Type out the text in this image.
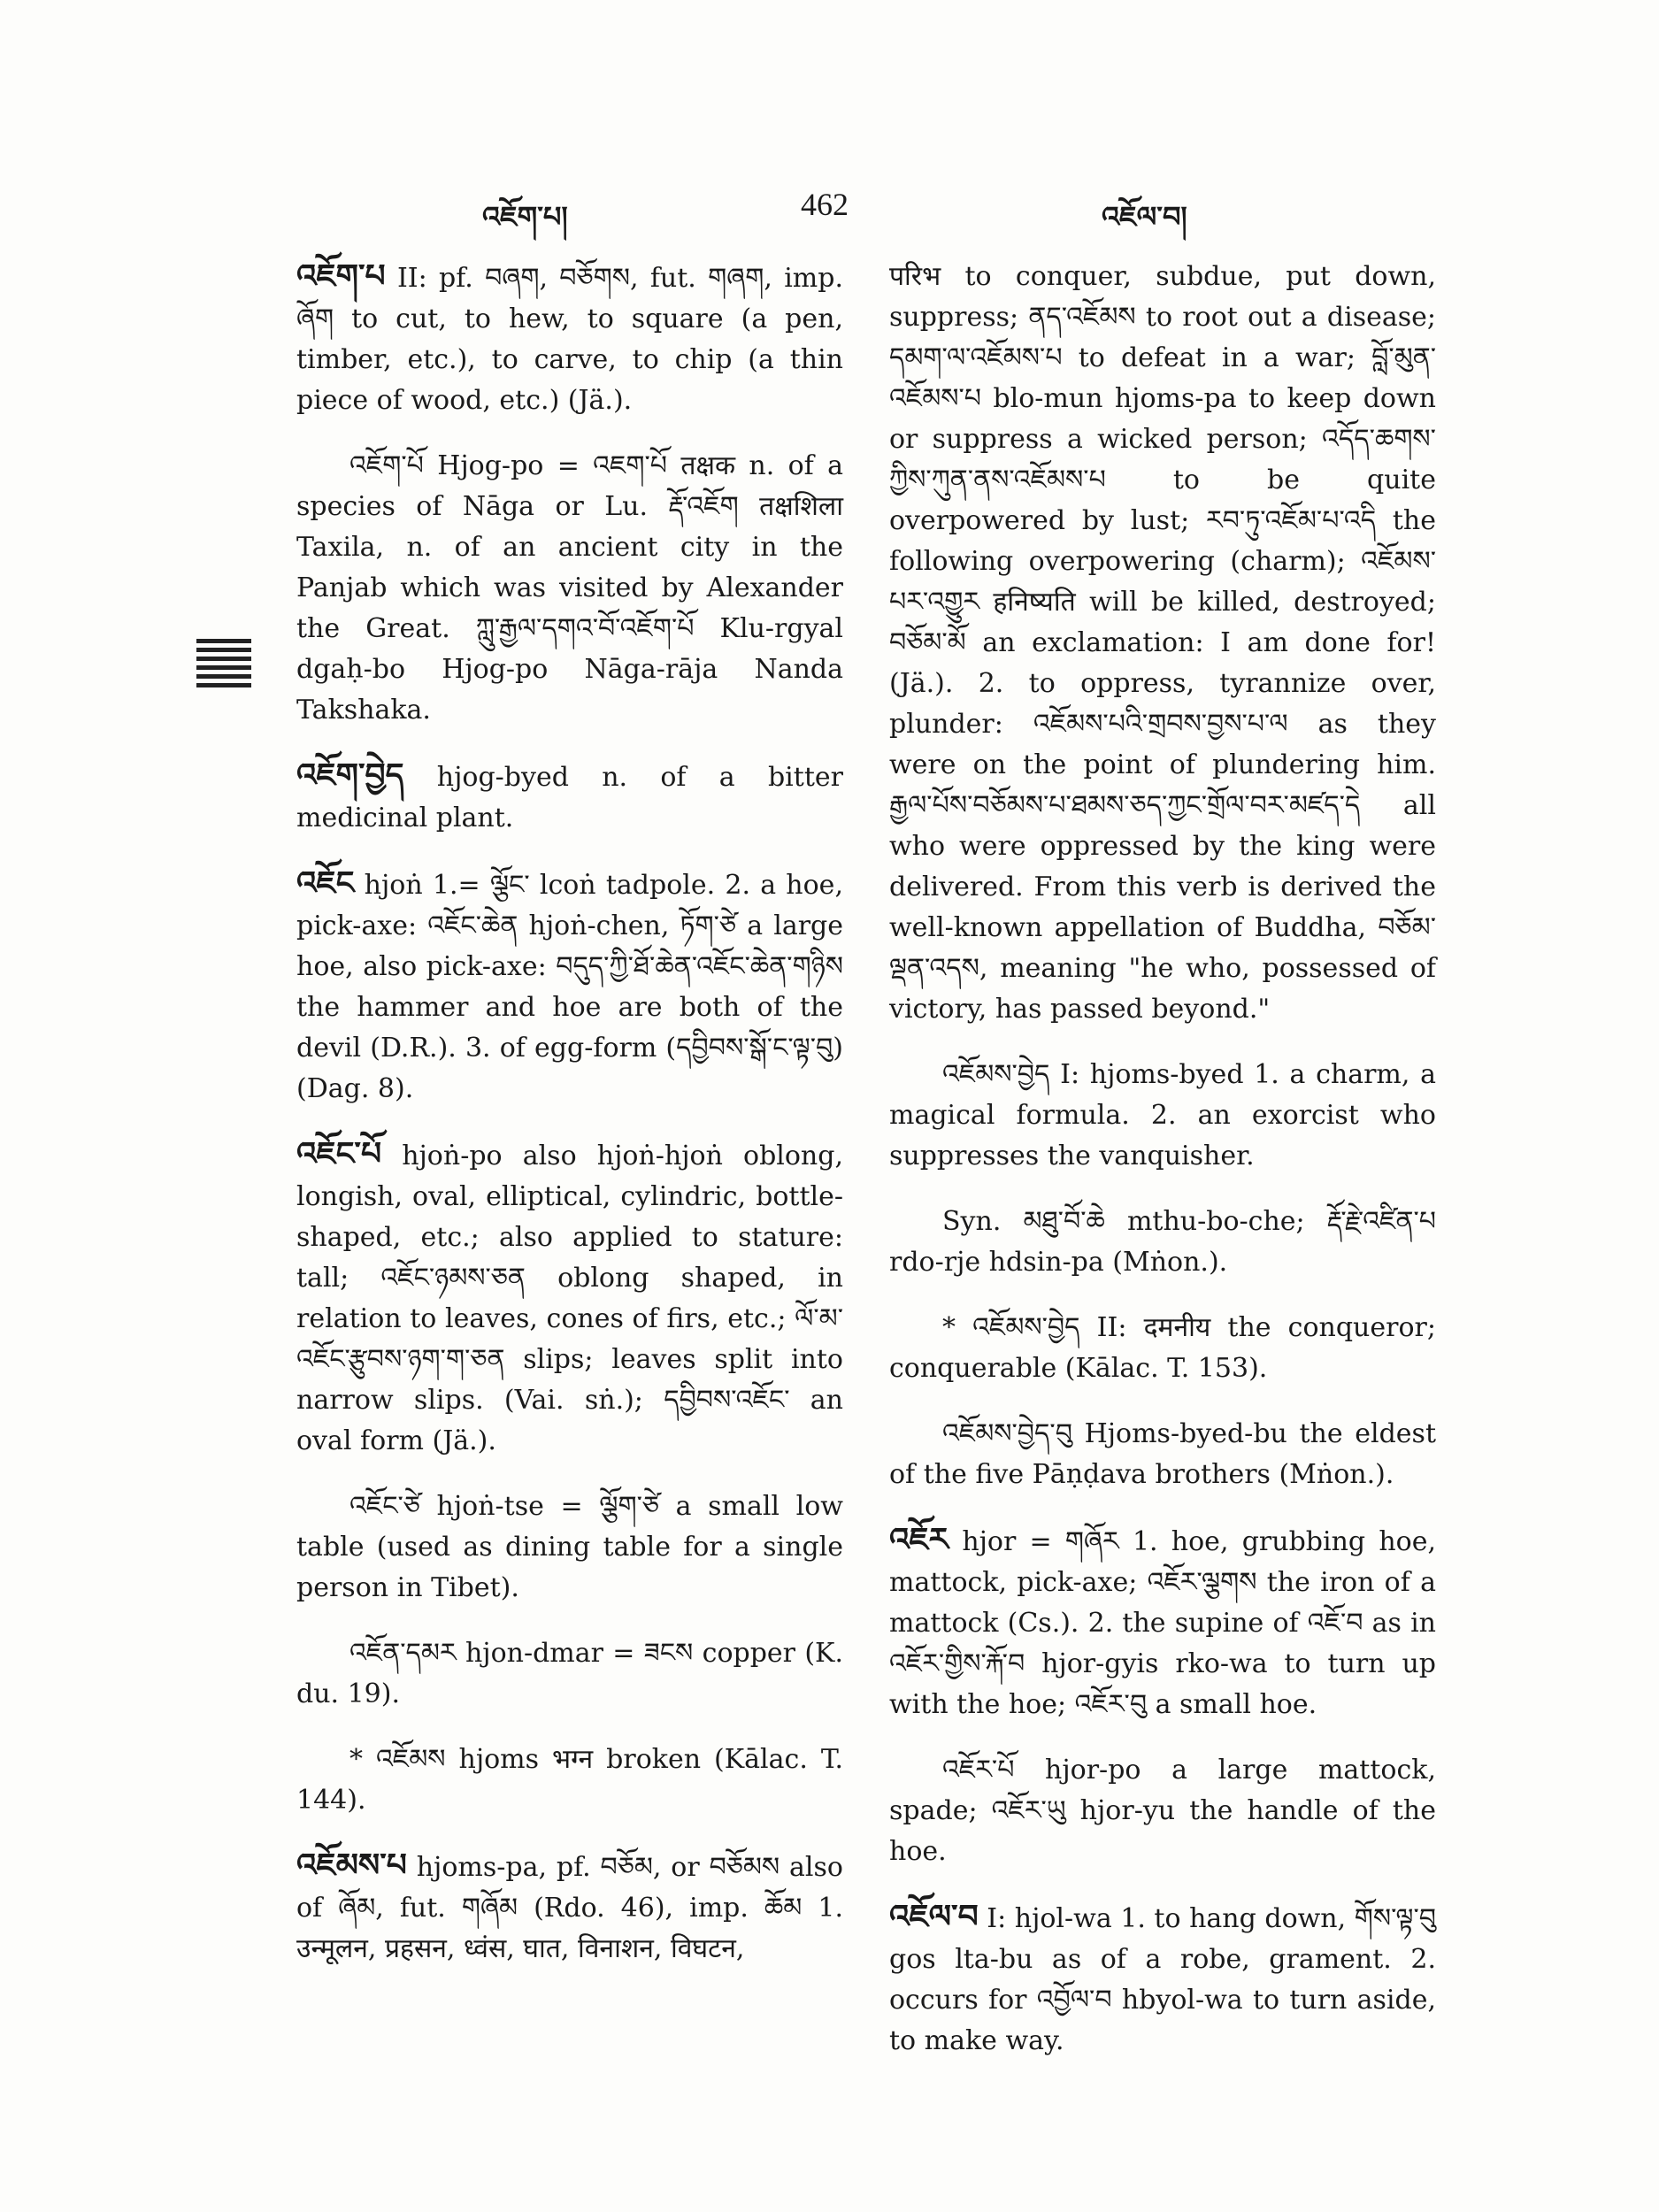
འཇོག་པ།	462	འཇོལ་བ།

འཇོག་པ II: pf. བཞག, བཅོགས, fut. གཞག, imp. ཞོག to cut, to hew, to square (a pen, timber, etc.), to carve, to chip (a thin piece of wood, etc.) (Jä.).

འཇོག་པོ Hjog-po = འཇག་པོ तक्षक n. of a species of Nāga or Lu. རྡོ་འཇོག तक्षशिला Taxila, n. of an ancient city in the Panjab which was visited by Alexander the Great. ཀླུ་རྒྱལ་དགའ་བོ་འཇོག་པོ Klu-rgyal dgaḥ-bo Hjog-po Nāga-rāja Nanda Takshaka.

འཇོག་བྱེད hjog-byed n. of a bitter medicinal plant.

འཇོང hjoṅ 1.= ལྕོང་ lcoṅ tadpole. 2. a hoe, pick-axe: འཇོང་ཆེན hjoṅ-chen, ཏོག་ཙེ a large hoe, also pick-axe: བདུད་ཀྱི་ཐོ་ཆེན་འཇོང་ཆེན་གཉིས the hammer and hoe are both of the devil (D.R.). 3. of egg-form (དབྱིབས་སྒོ་ང་ལྟ་བུ) (Dag. 8).

འཇོང་པོ hjoṅ-po also hjoṅ-hjoṅ oblong, longish, oval, elliptical, cylindric, bottle-shaped, etc.; also applied to stature: tall; འཇོང་ཉམས་ཅན oblong shaped, in relation to leaves, cones of firs, etc.; ལོ་མ་འཇོང་རྩུབས་ཉག་ག་ཅན slips; leaves split into narrow slips. (Vai. sṅ.); དབྱིབས་འཇོང་ an oval form (Jä.).

འཇོང་ཙེ hjoṅ-tse = ལྕོག་ཙེ a small low table (used as dining table for a single person in Tibet).

འཇོན་དམར hjon-dmar = ཟངས copper (K. du. 19).

* འཇོམས hjoms भग्न broken (Kālac. T. 144).

འཇོམས་པ hjoms-pa, pf. བཅོམ, or བཅོམས also of ཞོམ, fut. གཞོམ (Rdo. 46), imp. ཆོམ 1. उन्मूलन, प्रहसन, ध्वंस, घात, विनाशन, विघटन,

परिभ to conquer, subdue, put down, suppress; ནད་འཇོམས to root out a disease; དམག་ལ་འཇོམས་པ to defeat in a war; བློ་མུན་འཇོམས་པ blo-mun hjoms-pa to keep down or suppress a wicked person; འདོད་ཆགས་ཀྱིས་ཀུན་ནས་འཇོམས་པ to be quite overpowered by lust; རབ་ཏུ་འཇོམ་པ་འདི the following overpowering (charm); འཇོམས་པར་འགྱུར हनिष्यति will be killed, destroyed; བཅོམ་མོ an exclamation: I am done for! (Jä.). 2. to oppress, tyrannize over, plunder: འཇོམས་པའི་གྲབས་བྱས་པ་ལ as they were on the point of plundering him. རྒྱལ་པོས་བཅོམས་པ་ཐམས་ཅད་ཀྱང་གྲོལ་བར་མཛད་དེ all who were oppressed by the king were delivered. From this verb is derived the well-known appellation of Buddha, བཅོམ་ལྡན་འདས, meaning "he who, possessed of victory, has passed beyond."

འཇོམས་བྱེད I: hjoms-byed 1. a charm, a magical formula. 2. an exorcist who suppresses the vanquisher.

Syn. མཐུ་བོ་ཆེ mthu-bo-che; རྡོ་རྗེ་འཛིན་པ rdo-rje hdsin-pa (Mṅon.).

* འཇོམས་བྱེད II: दमनीय the conqueror; conquerable (Kālac. T. 153).

འཇོམས་བྱེད་བུ Hjoms-byed-bu the eldest of the five Pāṇḍava brothers (Mṅon.).

འཇོར hjor = གཞོར 1. hoe, grubbing hoe, mattock, pick-axe; འཇོར་ལྕགས the iron of a mattock (Cs.). 2. the supine of འཇོ་བ as in འཇོར་གྱིས་རྐོ་བ hjor-gyis rko-wa to turn up with the hoe; འཇོར་བུ a small hoe.

འཇོར་པོ hjor-po a large mattock, spade; འཇོར་ཡུ hjor-yu the handle of the hoe.

འཇོལ་བ I: hjol-wa 1. to hang down, གོས་ལྟ་བུ gos lta-bu as of a robe, grament. 2. occurs for འབྱོལ་བ hbyol-wa to turn aside, to make way.
